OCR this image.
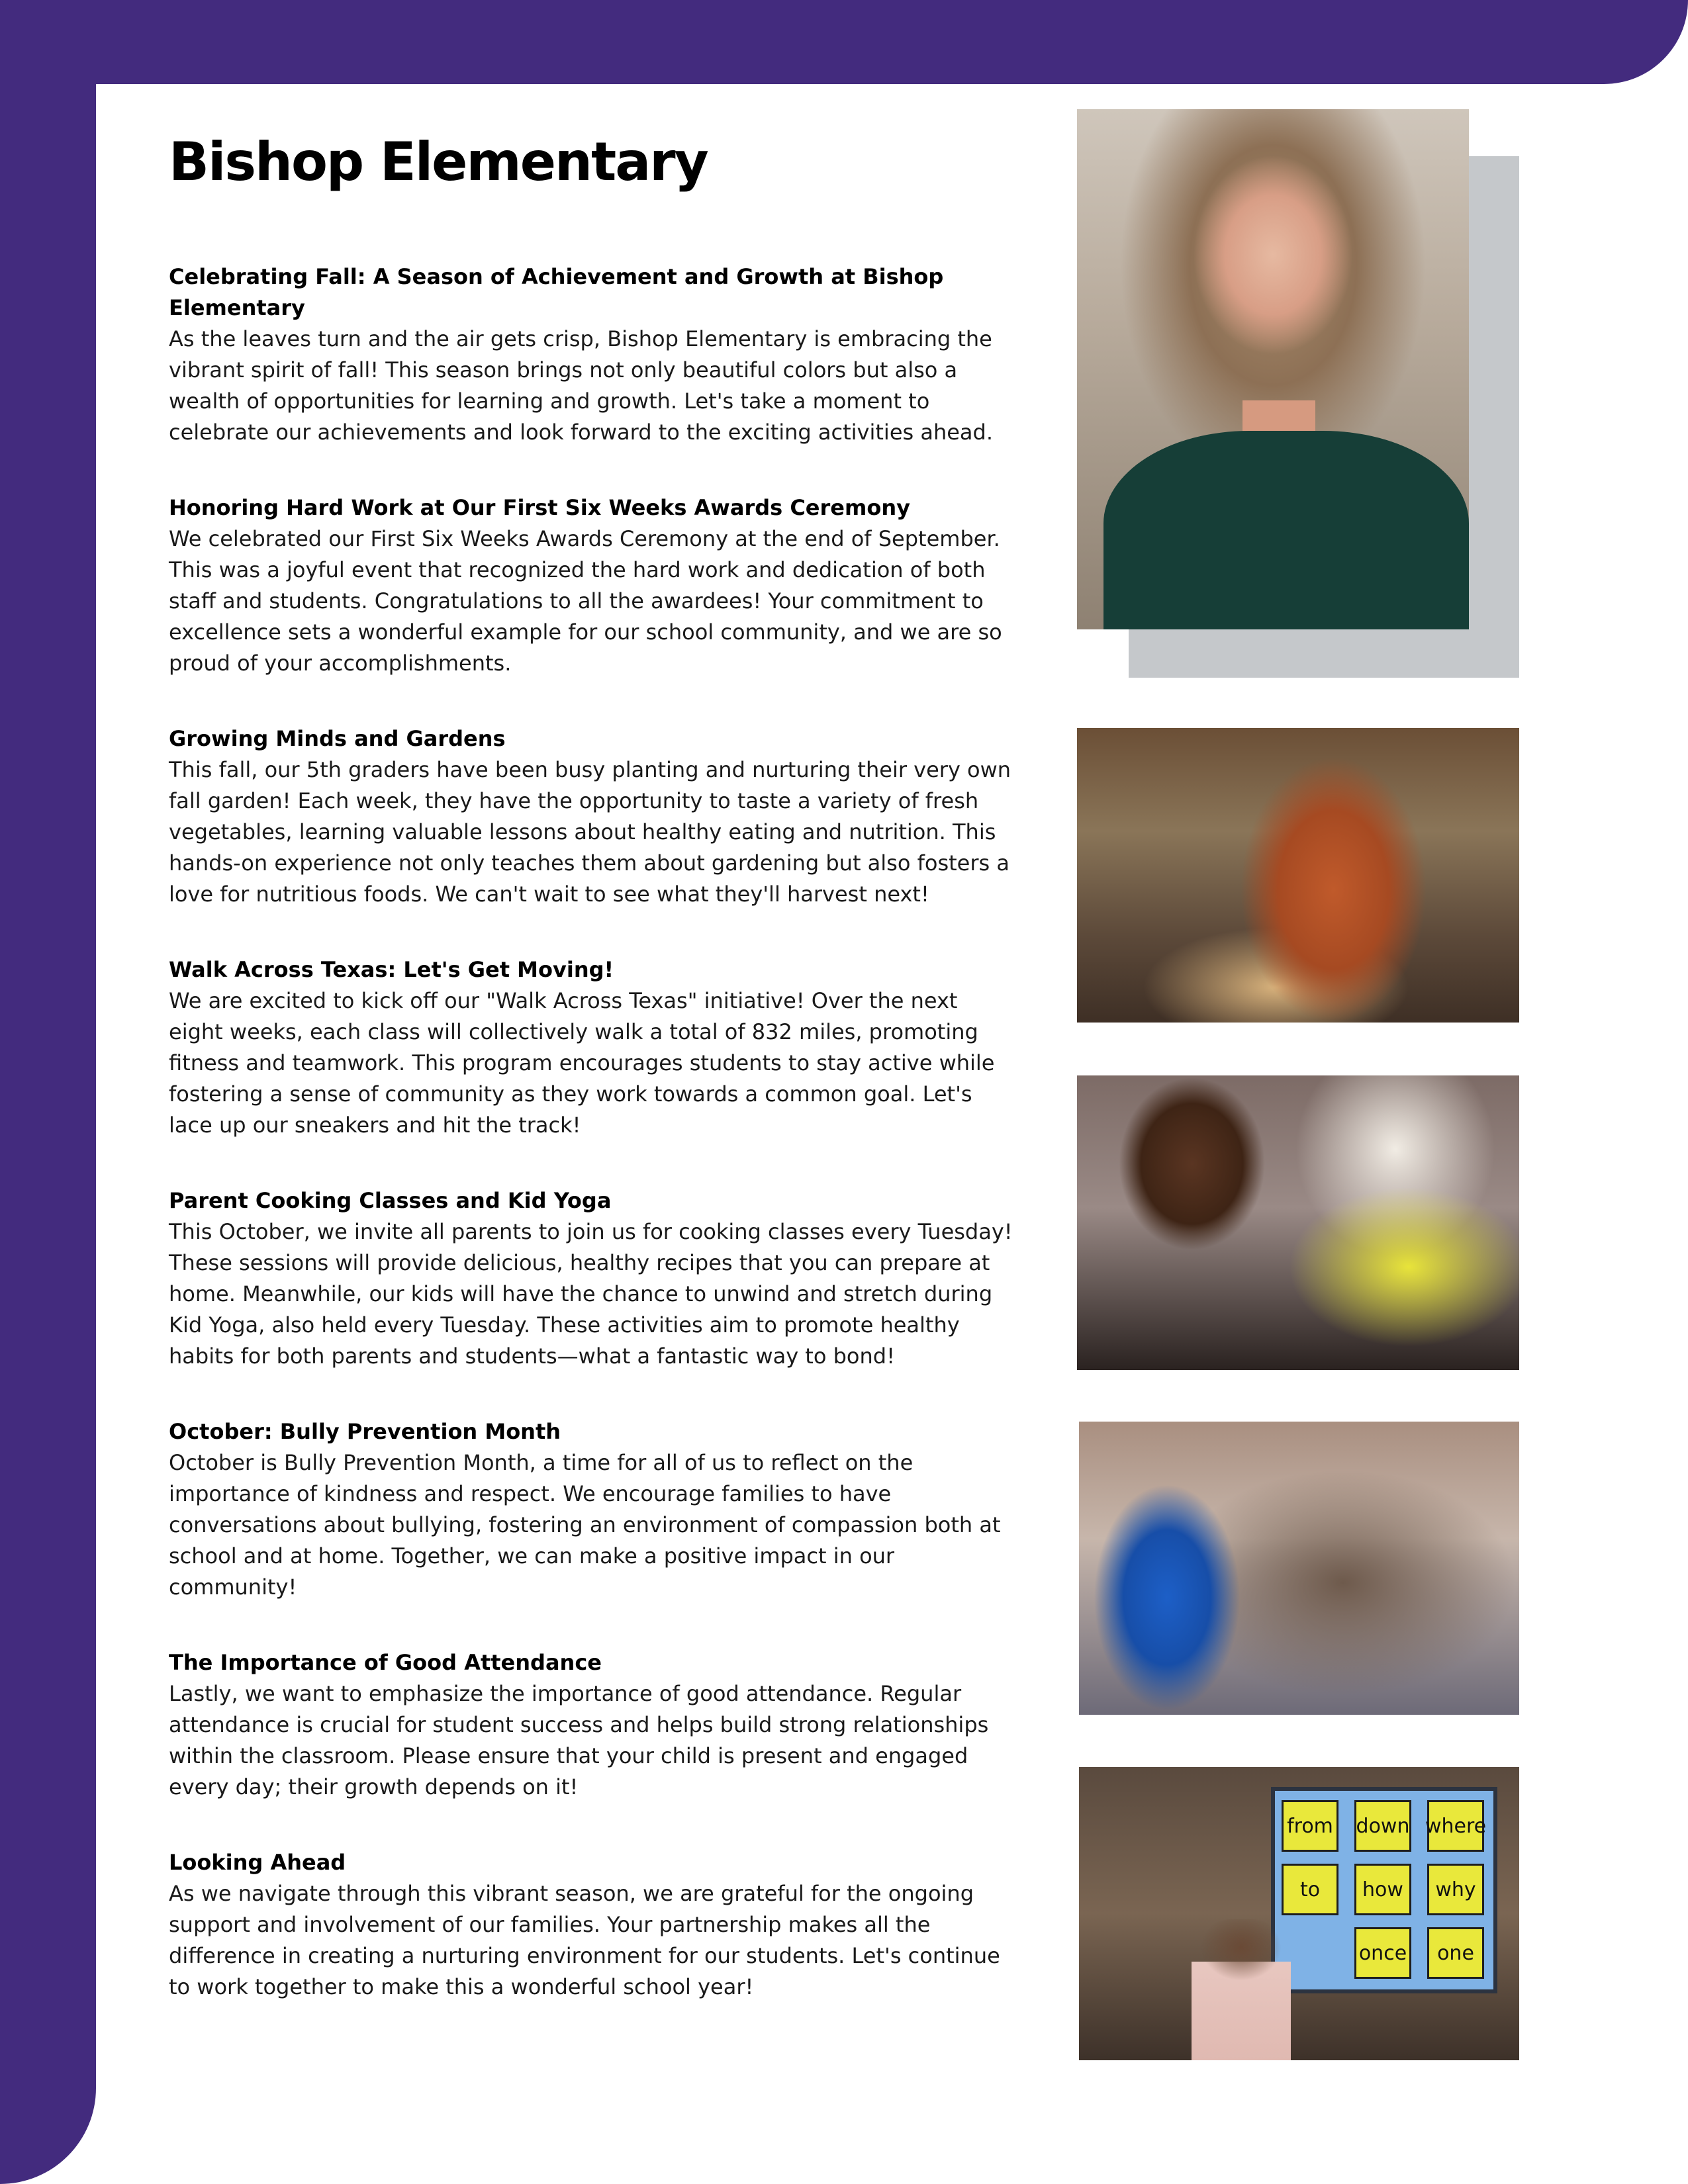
Bishop Elementary

Celebrating Fall: A Season of Achievement and Growth at Bishop Elementary

As the leaves turn and the air gets crisp, Bishop Elementary is embracing the vibrant spirit of fall! This season brings not only beautiful colors but also a wealth of opportunities for learning and growth. Let's take a moment to celebrate our achievements and look forward to the exciting activities ahead.

Honoring Hard Work at Our First Six Weeks Awards Ceremony

We celebrated our First Six Weeks Awards Ceremony at the end of September. This was a joyful event that recognized the hard work and dedication of both staff and students. Congratulations to all the awardees! Your commitment to excellence sets a wonderful example for our school community, and we are so proud of your accomplishments.

Growing Minds and Gardens

This fall, our 5th graders have been busy planting and nurturing their very own fall garden! Each week, they have the opportunity to taste a variety of fresh vegetables, learning valuable lessons about healthy eating and nutrition. This hands-on experience not only teaches them about gardening but also fosters a love for nutritious foods. We can't wait to see what they'll harvest next!

Walk Across Texas: Let's Get Moving!

We are excited to kick off our "Walk Across Texas" initiative! Over the next eight weeks, each class will collectively walk a total of 832 miles, promoting fitness and teamwork. This program encourages students to stay active while fostering a sense of community as they work towards a common goal. Let's lace up our sneakers and hit the track!

Parent Cooking Classes and Kid Yoga

This October, we invite all parents to join us for cooking classes every Tuesday! These sessions will provide delicious, healthy recipes that you can prepare at home. Meanwhile, our kids will have the chance to unwind and stretch during Kid Yoga, also held every Tuesday. These activities aim to promote healthy habits for both parents and students—what a fantastic way to bond!

October: Bully Prevention Month

October is Bully Prevention Month, a time for all of us to reflect on the importance of kindness and respect. We encourage families to have conversations about bullying, fostering an environment of compassion both at school and at home. Together, we can make a positive impact in our community!

The Importance of Good Attendance

Lastly, we want to emphasize the importance of good attendance. Regular attendance is crucial for student success and helps build strong relationships within the classroom. Please ensure that your child is present and engaged every day; their growth depends on it!

Looking Ahead

As we navigate through this vibrant season, we are grateful for the ongoing support and involvement of our families. Your partnership makes all the difference in creating a nurturing environment for our students. Let's continue to work together to make this a wonderful school year!

from down where
to	how	why
once	one
